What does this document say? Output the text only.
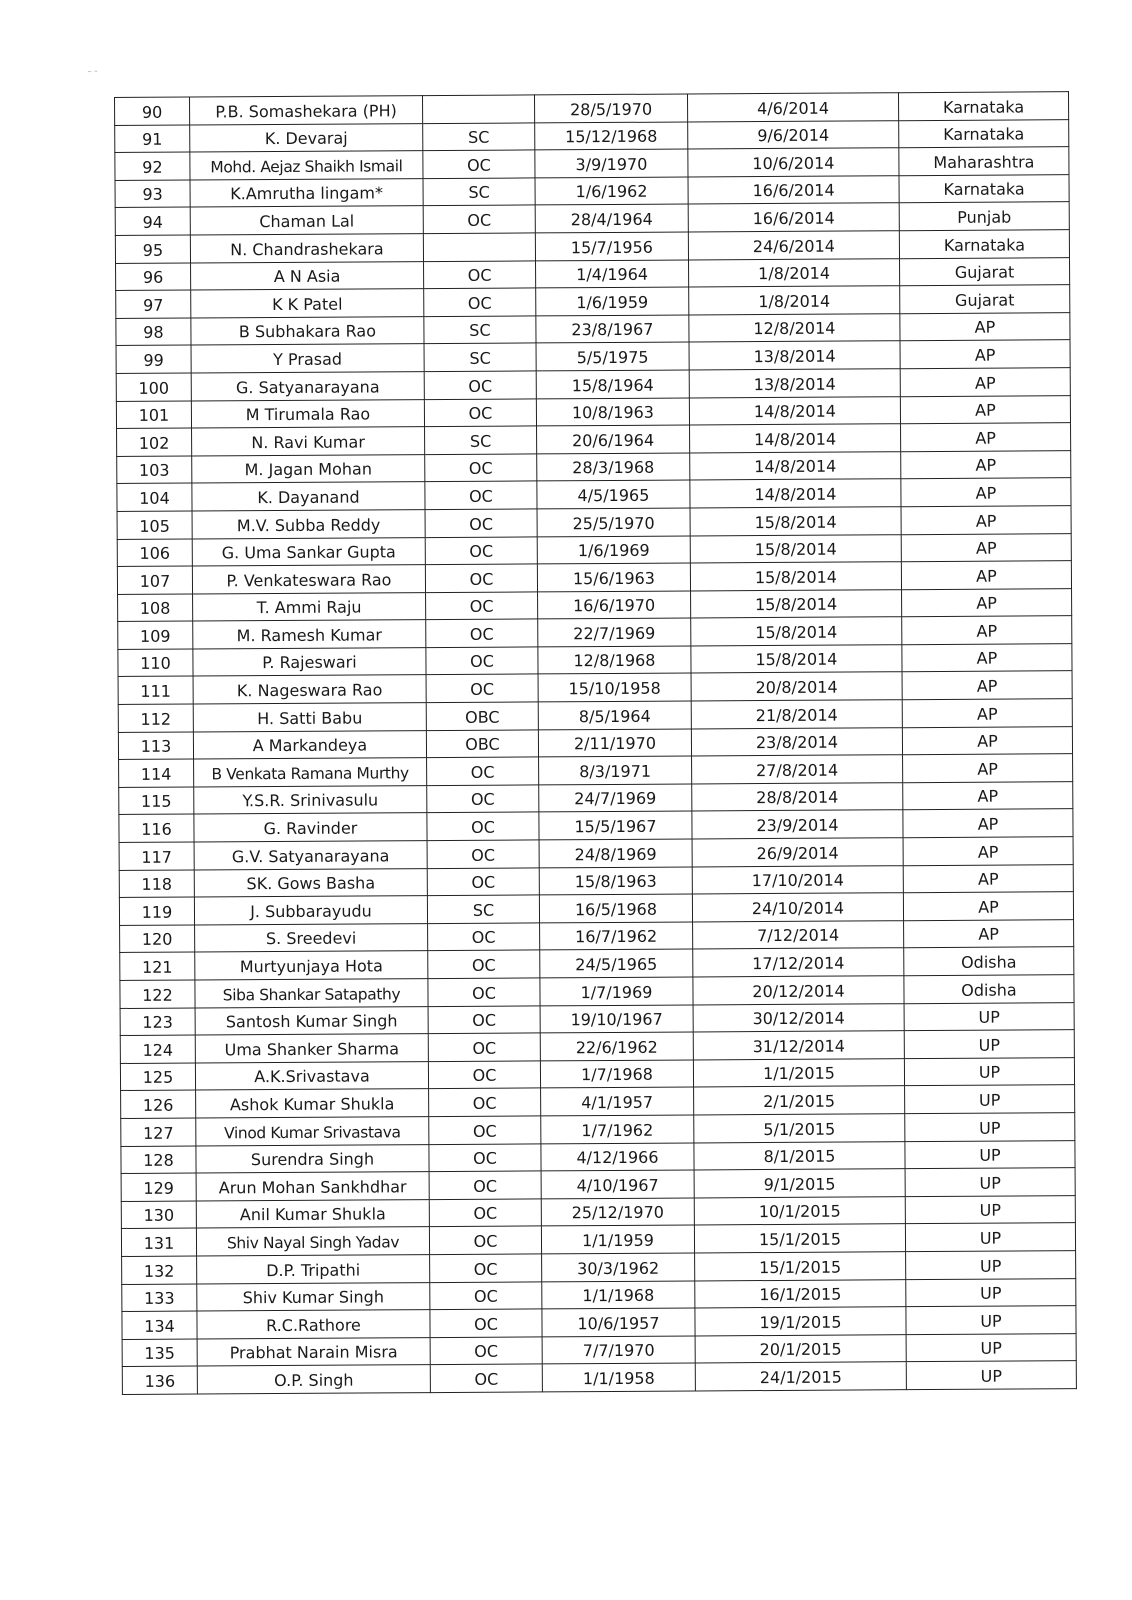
˜ ˆ
90	P.B. Somashekara (PH)		28/5/1970	4/6/2014	Karnataka
91	K. Devaraj	SC	15/12/1968	9/6/2014	Karnataka
92	Mohd. Aejaz Shaikh Ismail	OC	3/9/1970	10/6/2014	Maharashtra
93	K.Amrutha lingam*	SC	1/6/1962	16/6/2014	Karnataka
94	Chaman Lal	OC	28/4/1964	16/6/2014	Punjab
95	N. Chandrashekara		15/7/1956	24/6/2014	Karnataka
96	A N Asia	OC	1/4/1964	1/8/2014	Gujarat
97	K K Patel	OC	1/6/1959	1/8/2014	Gujarat
98	B Subhakara Rao	SC	23/8/1967	12/8/2014	AP
99	Y Prasad	SC	5/5/1975	13/8/2014	AP
100	G. Satyanarayana	OC	15/8/1964	13/8/2014	AP
101	M Tirumala Rao	OC	10/8/1963	14/8/2014	AP
102	N. Ravi Kumar	SC	20/6/1964	14/8/2014	AP
103	M. Jagan Mohan	OC	28/3/1968	14/8/2014	AP
104	K. Dayanand	OC	4/5/1965	14/8/2014	AP
105	M.V. Subba Reddy	OC	25/5/1970	15/8/2014	AP
106	G. Uma Sankar Gupta	OC	1/6/1969	15/8/2014	AP
107	P. Venkateswara Rao	OC	15/6/1963	15/8/2014	AP
108	T. Ammi Raju	OC	16/6/1970	15/8/2014	AP
109	M. Ramesh Kumar	OC	22/7/1969	15/8/2014	AP
110	P. Rajeswari	OC	12/8/1968	15/8/2014	AP
111	K. Nageswara Rao	OC	15/10/1958	20/8/2014	AP
112	H. Satti Babu	OBC	8/5/1964	21/8/2014	AP
113	A Markandeya	OBC	2/11/1970	23/8/2014	AP
114	B Venkata Ramana Murthy	OC	8/3/1971	27/8/2014	AP
115	Y.S.R. Srinivasulu	OC	24/7/1969	28/8/2014	AP
116	G. Ravinder	OC	15/5/1967	23/9/2014	AP
117	G.V. Satyanarayana	OC	24/8/1969	26/9/2014	AP
118	SK. Gows Basha	OC	15/8/1963	17/10/2014	AP
119	J. Subbarayudu	SC	16/5/1968	24/10/2014	AP
120	S. Sreedevi	OC	16/7/1962	7/12/2014	AP
121	Murtyunjaya Hota	OC	24/5/1965	17/12/2014	Odisha
122	Siba Shankar Satapathy	OC	1/7/1969	20/12/2014	Odisha
123	Santosh Kumar Singh	OC	19/10/1967	30/12/2014	UP
124	Uma Shanker Sharma	OC	22/6/1962	31/12/2014	UP
125	A.K.Srivastava	OC	1/7/1968	1/1/2015	UP
126	Ashok Kumar Shukla	OC	4/1/1957	2/1/2015	UP
127	Vinod Kumar Srivastava	OC	1/7/1962	5/1/2015	UP
128	Surendra Singh	OC	4/12/1966	8/1/2015	UP
129	Arun Mohan Sankhdhar	OC	4/10/1967	9/1/2015	UP
130	Anil Kumar Shukla	OC	25/12/1970	10/1/2015	UP
131	Shiv Nayal Singh Yadav	OC	1/1/1959	15/1/2015	UP
132	D.P. Tripathi	OC	30/3/1962	15/1/2015	UP
133	Shiv Kumar Singh	OC	1/1/1968	16/1/2015	UP
134	R.C.Rathore	OC	10/6/1957	19/1/2015	UP
135	Prabhat Narain Misra	OC	7/7/1970	20/1/2015	UP
136	O.P. Singh	OC	1/1/1958	24/1/2015	UP
